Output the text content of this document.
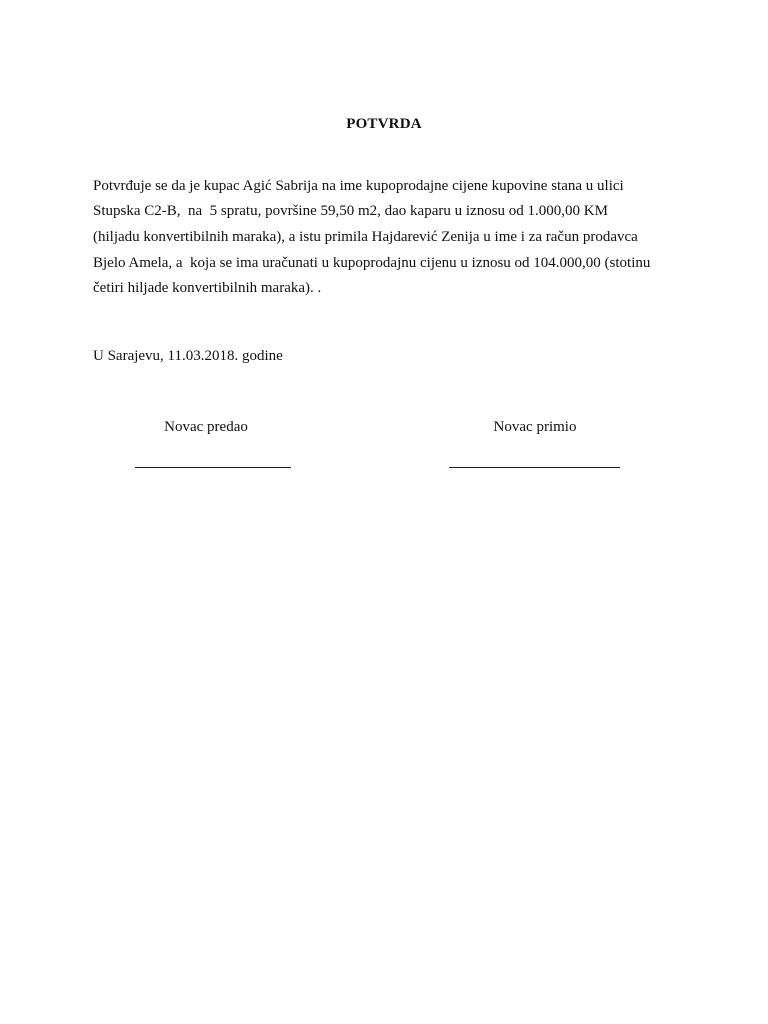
POTVRDA
Potvrđuje se da je kupac Agić Sabrija na ime kupoprodajne cijene kupovine stana u ulici
Stupska C2-B,  na  5 spratu, površine 59,50 m2, dao kaparu u iznosu od 1.000,00 KM
(hiljadu konvertibilnih maraka), a istu primila Hajdarević Zenija u ime i za račun prodavca
Bjelo Amela, a  koja se ima uračunati u kupoprodajnu cijenu u iznosu od 104.000,00 (stotinu
četiri hiljade konvertibilnih maraka). .
U Sarajevu, 11.03.2018. godine
Novac predao	Novac primio
